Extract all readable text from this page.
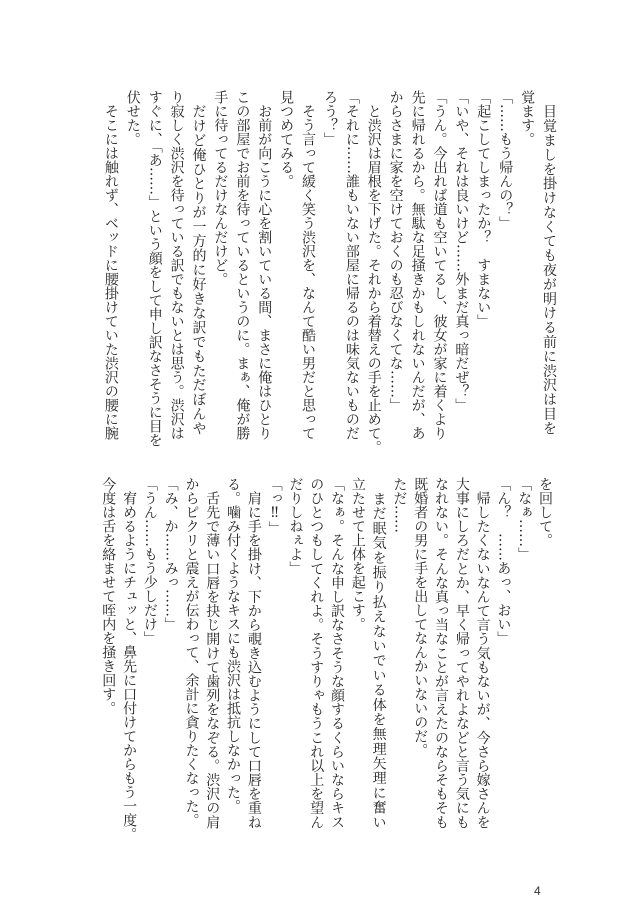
　目覚ましを掛けなくても夜が明ける前に渋沢は目を
覚ます。
「……もう帰んの？」
「起こしてしまったか？　すまない」
「いや、それは良いけど……外まだ真っ暗だぜ？」
「うん。今出れば道も空いてるし、彼女が家に着くより
先に帰れるから。無駄な足掻きかもしれないんだが、あ
からさまに家を空けておくのも忍びなくてな……」
　と渋沢は眉根を下げた。それから着替えの手を止めて。
「それに……誰もいない部屋に帰るのは味気ないものだ
ろう？」
　そう言って緩く笑う渋沢を、なんて酷い男だと思って
見つめてみる。
　お前が向こうに心を割いている間、まさに俺はひとり
この部屋でお前を待っているというのに。まぁ、俺が勝
手に待ってるだけなんだけど。
　だけど俺ひとりが一方的に好きな訳でもただぼんや
り寂しく渋沢を待っている訳でもないとは思う。渋沢は
すぐに、「あ……」という顔をして申し訳なさそうに目を
伏せた。
　そこには触れず、ベッドに腰掛けていた渋沢の腰に腕
を回して。
「なぁ……」
「ん？　……あっ、おい」
　帰したくないなんて言う気もないが、今さら嫁さんを
大事にしろだとか、早く帰ってやれよなどと言う気にも
なれない。そんな真っ当なことが言えたのならそもそも
既婚者の男に手を出してなんかいないのだ。
ただ……
　まだ眠気を振り払えないでいる体を無理矢理に奮い
立たせて上体を起こす。
「なぁ。そんな申し訳なさそうな顔するくらいならキス
のひとつもしてくれよ。そうすりゃもうこれ以上を望ん
だりしねぇよ」
「っ‼」
　肩に手を掛け、下から覗き込むようにして口唇を重ね
る。噛み付くようなキスにも渋沢は抵抗しなかった。
　舌先で薄い口唇を抉じ開けて歯列をなぞる。渋沢の肩
からピクリと震えが伝わって、余計に貪りたくなった。
「み、か……みっ……」
「うん……もう少しだけ」
　宥めるようにチュッと、鼻先に口付けてからもう一度。
今度は舌を絡ませて咥内を掻き回す。
4
